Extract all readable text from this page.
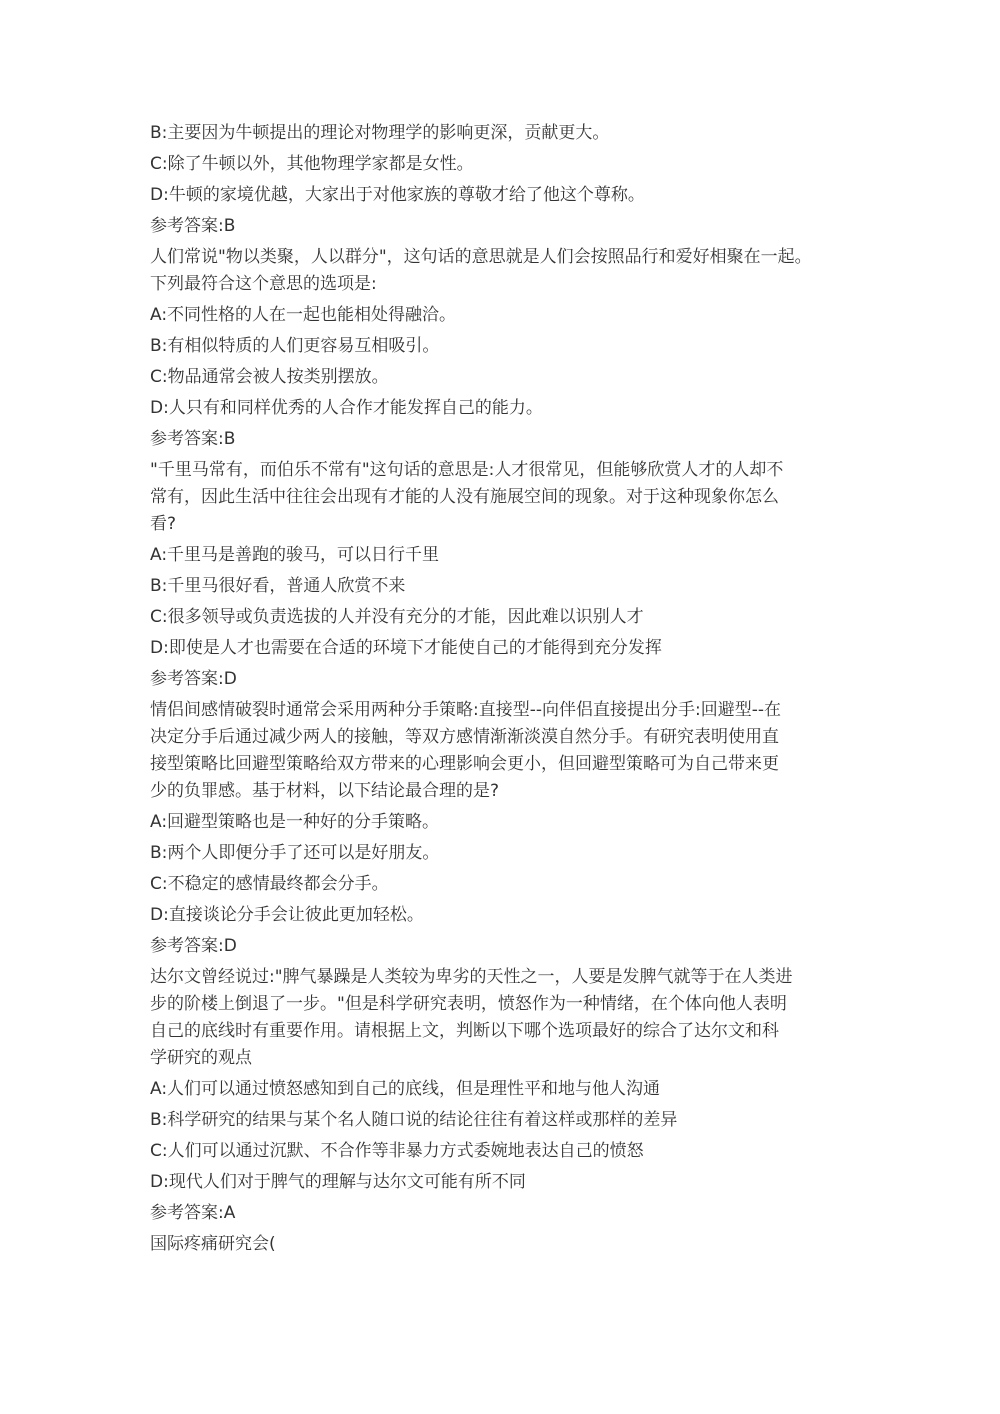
B:主要因为牛顿提出的理论对物理学的影响更深，贡献更大。
C:除了牛顿以外，其他物理学家都是女性。
D:牛顿的家境优越，大家出于对他家族的尊敬才给了他这个尊称。
参考答案:B
人们常说"物以类聚，人以群分"，这句话的意思就是人们会按照品行和爱好相聚在一起。
下列最符合这个意思的选项是:
A:不同性格的人在一起也能相处得融洽。
B:有相似特质的人们更容易互相吸引。
C:物品通常会被人按类别摆放。
D:人只有和同样优秀的人合作才能发挥自己的能力。
参考答案:B
"千里马常有，而伯乐不常有"这句话的意思是:人才很常见，但能够欣赏人才的人却不
常有，因此生活中往往会出现有才能的人没有施展空间的现象。对于这种现象你怎么
看?
A:千里马是善跑的骏马，可以日行千里
B:千里马很好看，普通人欣赏不来
C:很多领导或负责选拔的人并没有充分的才能，因此难以识别人才
D:即使是人才也需要在合适的环境下才能使自己的才能得到充分发挥
参考答案:D
情侣间感情破裂时通常会采用两种分手策略:直接型--向伴侣直接提出分手:回避型--在
决定分手后通过减少两人的接触，等双方感情渐渐淡漠自然分手。有研究表明使用直
接型策略比回避型策略给双方带来的心理影响会更小，但回避型策略可为自己带来更
少的负罪感。基于材料，以下结论最合理的是?
A:回避型策略也是一种好的分手策略。
B:两个人即便分手了还可以是好朋友。
C:不稳定的感情最终都会分手。
D:直接谈论分手会让彼此更加轻松。
参考答案:D
达尔文曾经说过:"脾气暴躁是人类较为卑劣的天性之一，人要是发脾气就等于在人类进
步的阶楼上倒退了一步。"但是科学研究表明，愤怒作为一种情绪，在个体向他人表明
自己的底线时有重要作用。请根据上文，判断以下哪个选项最好的综合了达尔文和科
学研究的观点
A:人们可以通过愤怒感知到自己的底线，但是理性平和地与他人沟通
B:科学研究的结果与某个名人随口说的结论往往有着这样或那样的差异
C:人们可以通过沉默、不合作等非暴力方式委婉地表达自己的愤怒
D:现代人们对于脾气的理解与达尔文可能有所不同
参考答案:A
国际疼痛研究会(
